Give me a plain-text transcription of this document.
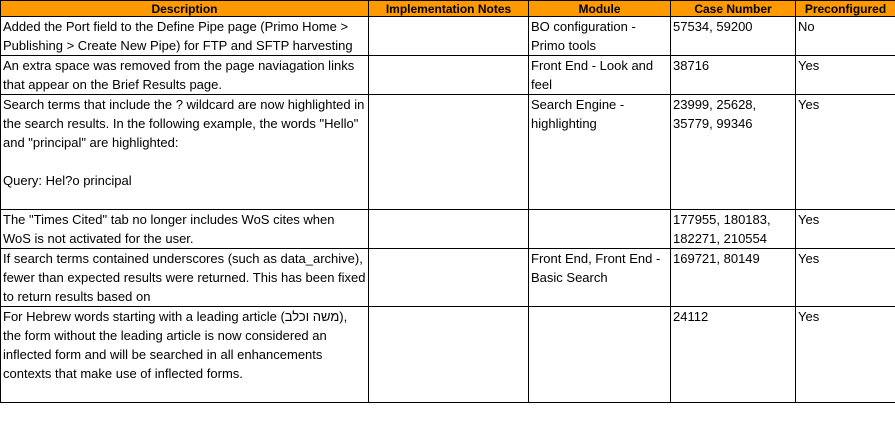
Description	Implementation Notes	Module	Case Number	Preconfigured

Added the Port field to the Define Pipe page (Primo Home > Publishing > Create New Pipe) for FTP and SFTP harvesting		BO configuration - Primo tools	57534, 59200	No

An extra space was removed from the page naviagation links that appear on the Brief Results page.		Front End - Look and feel	38716	Yes

Search terms that include the ? wildcard are now highlighted in the search results. In the following example, the words "Hello" and "principal" are highlighted:

Query: Hel?o principal		Search Engine - highlighting	23999, 25628, 35779, 99346	Yes

The "Times Cited" tab no longer includes WoS cites when WoS is not activated for the user.			177955, 180183, 182271, 210554	Yes

If search terms contained underscores (such as data_archive), fewer than expected results were returned. This has been fixed to return results based on		Front End, Front End - Basic Search	169721, 80149	Yes

For Hebrew words starting with a leading article (משה וכלב), the form without the leading article is now considered an inflected form and will be searched in all enhancements contexts that make use of inflected forms.			24112	Yes
